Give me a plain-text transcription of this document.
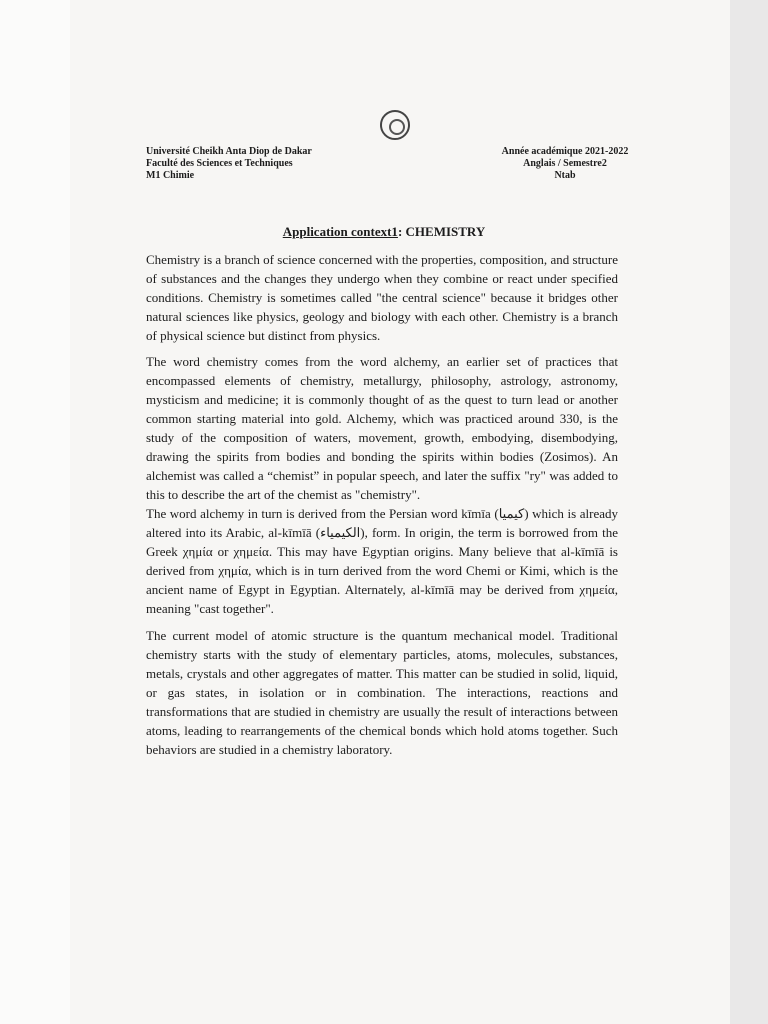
Université Cheikh Anta Diop de Dakar
Faculté des Sciences et Techniques
M1 Chimie
Année académique 2021-2022
Anglais / Semestre2
Ntab
Application context1: CHEMISTRY

Chemistry is a branch of science concerned with the properties, composition, and structure of substances and the changes they undergo when they combine or react under specified conditions. Chemistry is sometimes called "the central science" because it bridges other natural sciences like physics, geology and biology with each other. Chemistry is a branch of physical science but distinct from physics.

The word chemistry comes from the word alchemy, an earlier set of practices that encompassed elements of chemistry, metallurgy, philosophy, astrology, astronomy, mysticism and medicine; it is commonly thought of as the quest to turn lead or another common starting material into gold. Alchemy, which was practiced around 330, is the study of the composition of waters, movement, growth, embodying, disembodying, drawing the spirits from bodies and bonding the spirits within bodies (Zosimos). An alchemist was called a “chemist” in popular speech, and later the suffix "ry" was added to this to describe the art of the chemist as "chemistry".

The word alchemy in turn is derived from the Persian word kīmīa (کیمیا) which is already altered into its Arabic, al-kīmīā (الکیمیاء), form. In origin, the term is borrowed from the Greek χημία or χημεία. This may have Egyptian origins. Many believe that al-kīmīā is derived from χημία, which is in turn derived from the word Chemi or Kimi, which is the ancient name of Egypt in Egyptian. Alternately, al-kīmīā may be derived from χημεία, meaning "cast together".

The current model of atomic structure is the quantum mechanical model. Traditional chemistry starts with the study of elementary particles, atoms, molecules, substances, metals, crystals and other aggregates of matter. This matter can be studied in solid, liquid, or gas states, in isolation or in combination. The interactions, reactions and transformations that are studied in chemistry are usually the result of interactions between atoms, leading to rearrangements of the chemical bonds which hold atoms together. Such behaviors are studied in a chemistry laboratory.
